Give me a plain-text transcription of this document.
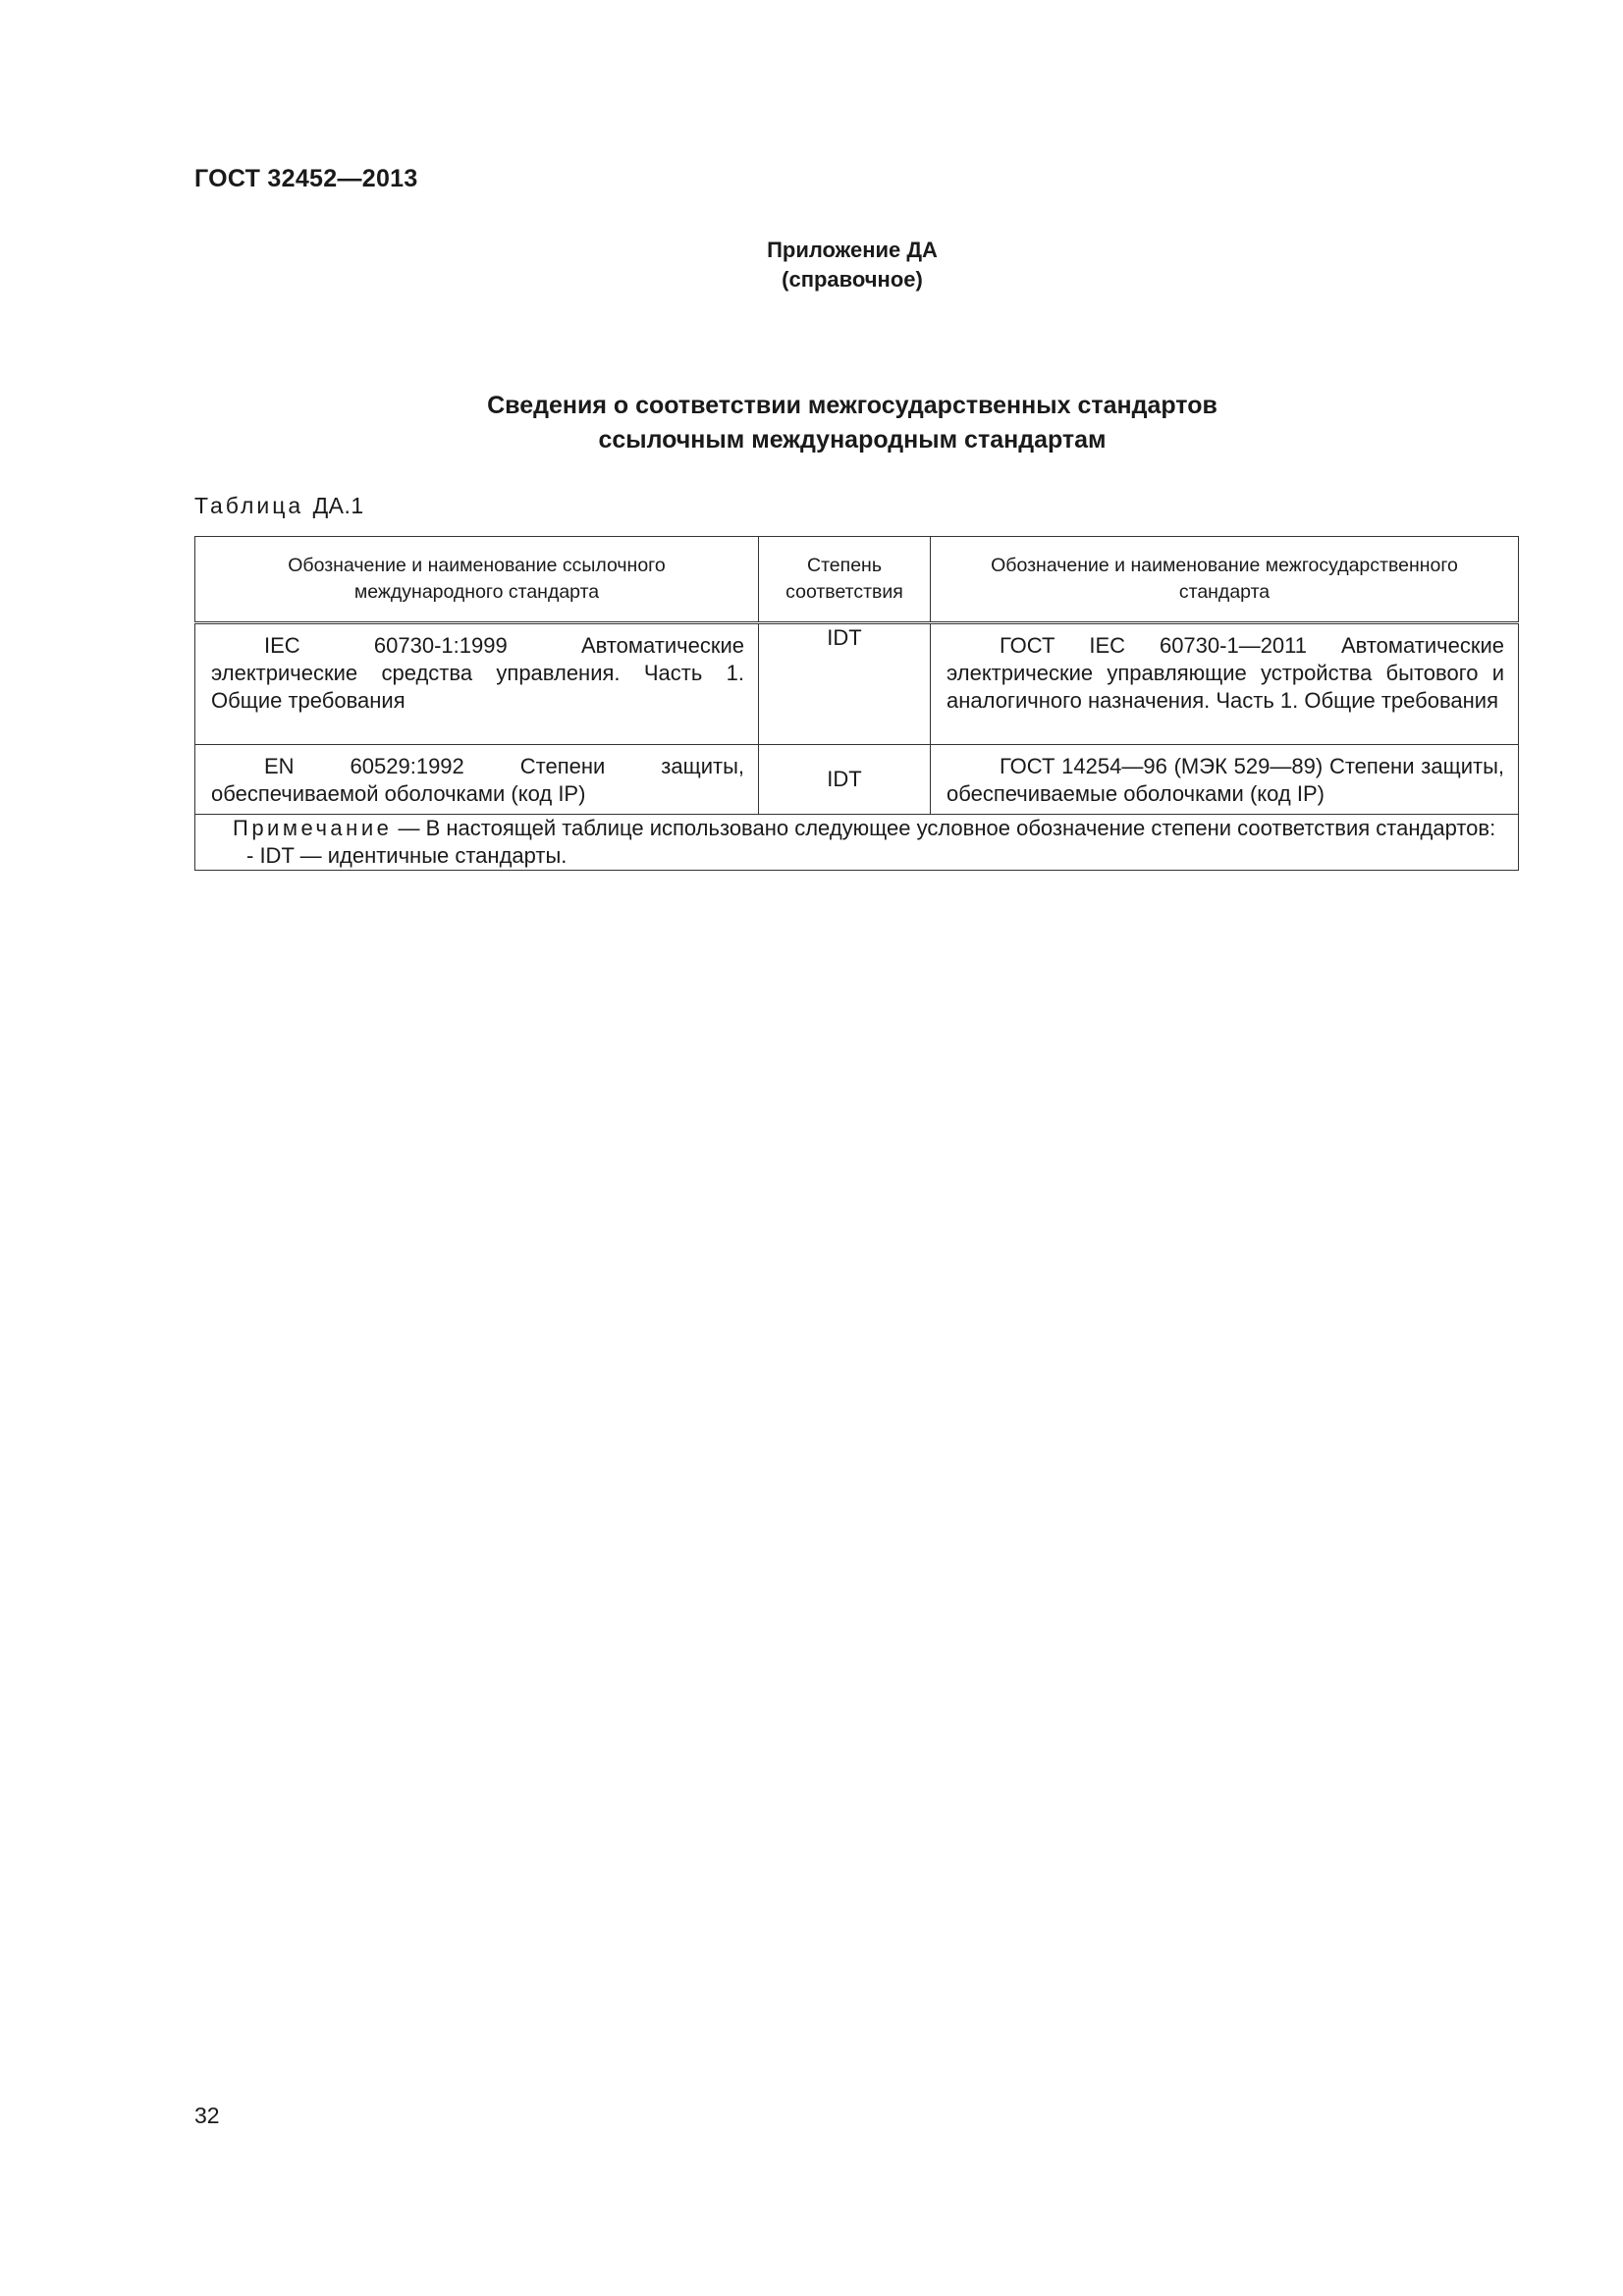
ГОСТ 32452—2013
Приложение ДА
(справочное)
Сведения о соответствии межгосударственных стандартов
ссылочным международным стандартам
Таблица ДА.1
Обозначение и наименование ссылочного международного стандарта	Степень соответствия	Обозначение и наименование межгосударственного стандарта

IEC 60730-1:1999 Автоматические электрические средства управления. Часть 1. Общие требования	IDT	ГОСТ IEC 60730-1—2011 Автоматические электрические управляющие устройства бытового и аналогичного назначения. Часть 1. Общие требования

EN 60529:1992 Степени защиты, обеспечиваемой оболочками (код IP)	IDT	ГОСТ 14254—96 (МЭК 529—89) Степени защиты, обеспечиваемые оболочками (код IP)

Примечание — В настоящей таблице использовано следующее условное обозначение степени соответствия стандартов:
- IDT — идентичные стандарты.		
32
